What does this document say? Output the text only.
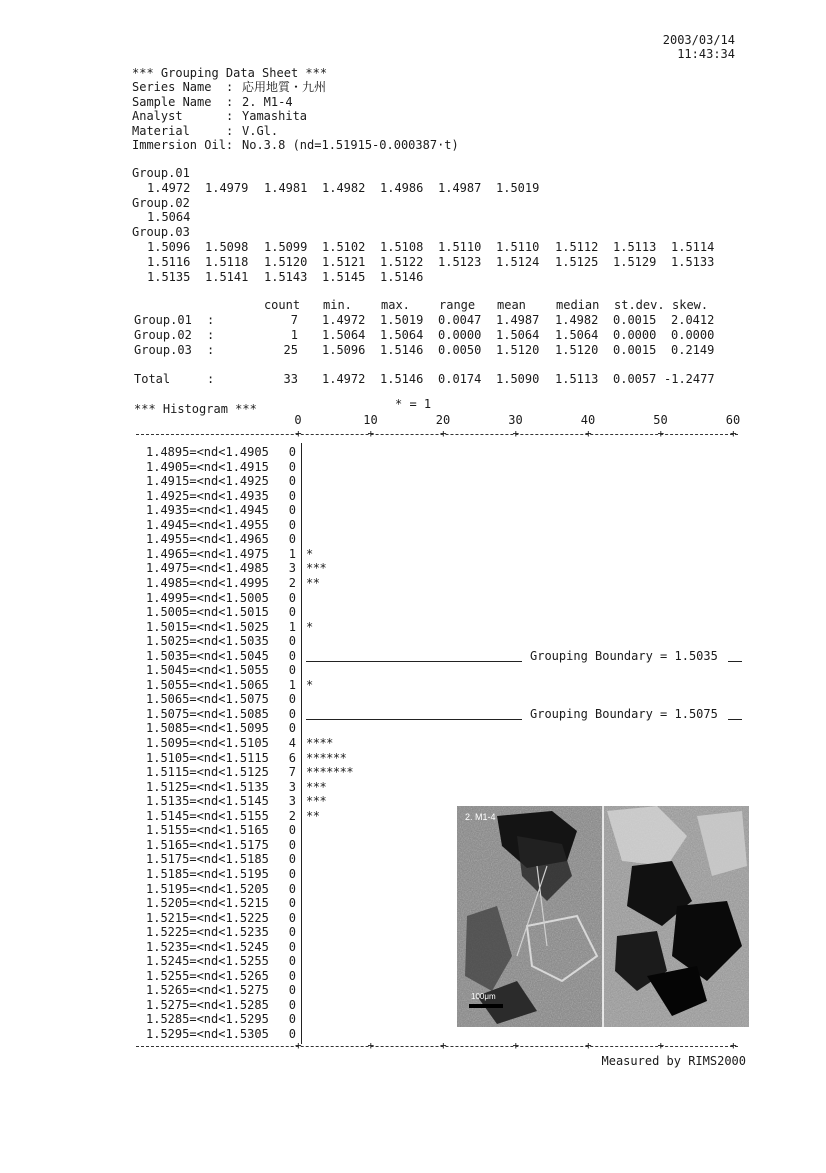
2003/03/14
11:43:34
*** Grouping Data Sheet ***
Series Name : 応用地質・九州
Sample Name : 2. M1-4
Analyst	: Yamashita
Material	: V.Gl.
Immersion Oil: No.3.8 (nd=1.51915-0.000387·t)
Group.01
1.4972 1.4979 1.4981 1.4982 1.4986 1.4987 1.5019
Group.02
1.5064
Group.03
1.5096 1.5098 1.5099 1.5102 1.5108 1.5110 1.5110 1.5112 1.5113 1.5114
1.5116 1.5118 1.5120 1.5121 1.5122 1.5123 1.5124 1.5125 1.5129 1.5133
1.5135 1.5141 1.5143 1.5145 1.5146
count min. max. range mean	median st.dev. skew.
Group.01 :	7 1.4972 1.5019 0.0047 1.4987 1.4982 0.0015 2.0412
Group.02 :	1 1.5064 1.5064 0.0000 1.5064 1.5064 0.0000 0.0000
Group.03 :	25 1.5096 1.5146 0.0050 1.5120 1.5120 0.0015 0.2149
Total	:	33 1.4972 1.5146 0.0174 1.5090 1.5113 0.0057 -1.2477
*** Histogram ***	* = 1
0	10	20	30	40	50	60
+	+	+	+	+	+	+
1.4895=<nd<1.4905	0
1.4905=<nd<1.4915	0
1.4915=<nd<1.4925	0
1.4925=<nd<1.4935	0
1.4935=<nd<1.4945	0
1.4945=<nd<1.4955	0
1.4955=<nd<1.4965	0
1.4965=<nd<1.4975	1 *
1.4975=<nd<1.4985	3 ***
1.4985=<nd<1.4995	2 **
1.4995=<nd<1.5005	0
1.5005=<nd<1.5015	0
1.5015=<nd<1.5025	1 *
1.5025=<nd<1.5035	0
1.5035=<nd<1.5045	0
1.5045=<nd<1.5055	0
1.5055=<nd<1.5065	1 *
1.5065=<nd<1.5075	0
1.5075=<nd<1.5085	0
1.5085=<nd<1.5095	0
1.5095=<nd<1.5105	4 ****
1.5105=<nd<1.5115	6 ******
1.5115=<nd<1.5125	7 *******
1.5125=<nd<1.5135	3 ***
1.5135=<nd<1.5145	3 ***
1.5145=<nd<1.5155	2 **
1.5155=<nd<1.5165	0
1.5165=<nd<1.5175	0
1.5175=<nd<1.5185	0
1.5185=<nd<1.5195	0
1.5195=<nd<1.5205	0
1.5205=<nd<1.5215	0
1.5215=<nd<1.5225	0
1.5225=<nd<1.5235	0
1.5235=<nd<1.5245	0
1.5245=<nd<1.5255	0
1.5255=<nd<1.5265	0
1.5265=<nd<1.5275	0
1.5275=<nd<1.5285	0
1.5285=<nd<1.5295	0
1.5295=<nd<1.5305	0
Grouping Boundary = 1.5035
Grouping Boundary = 1.5075
+	+	+	+	+	+	+
2. M1-4
100μm
Measured by RIMS2000
